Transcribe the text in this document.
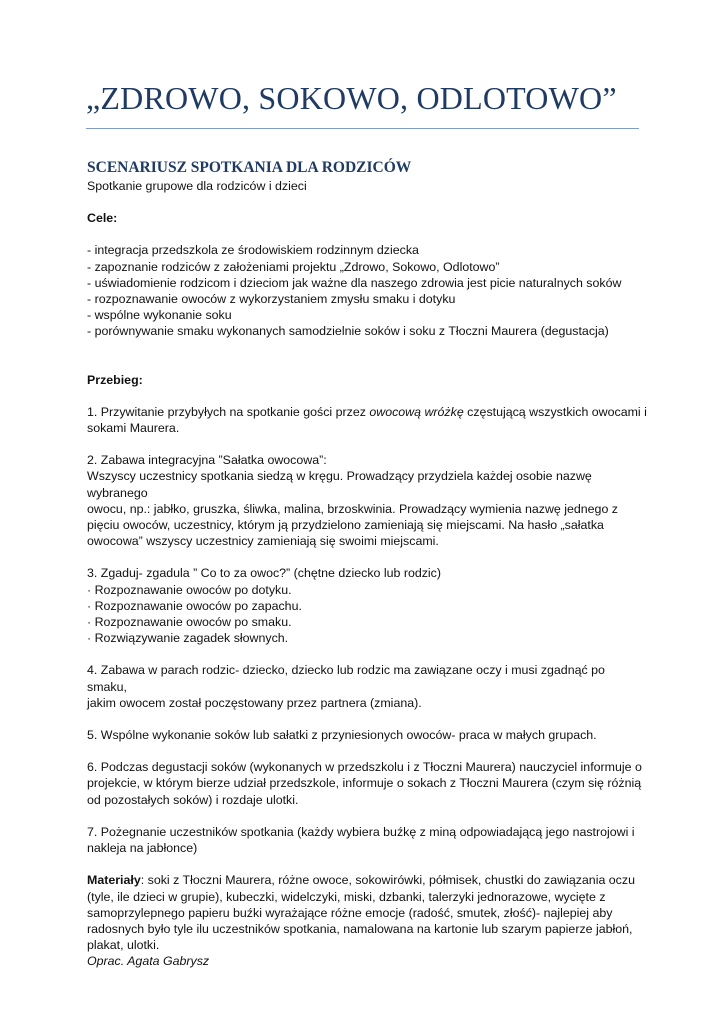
„ZDROWO, SOKOWO, ODLOTOWO”

SCENARIUSZ SPOTKANIA DLA RODZICÓW

Spotkanie grupowe dla rodziców i dzieci

Cele:

- integracja przedszkola ze środowiskiem rodzinnym dziecka
- zapoznanie rodziców z założeniami projektu „Zdrowo, Sokowo, Odlotowo”
- uświadomienie rodzicom i dzieciom jak ważne dla naszego zdrowia jest picie naturalnych soków
- rozpoznawanie owoców z wykorzystaniem zmysłu smaku i dotyku
- wspólne wykonanie soku
- porównywanie smaku wykonanych samodzielnie soków i soku z Tłoczni Maurera (degustacja)

Przebieg:

1. Przywitanie przybyłych na spotkanie gości przez owocową wróżkę częstującą wszystkich owocami i
sokami Maurera.
2. Zabawa integracyjna ”Sałatka owocowa”:
Wszyscy uczestnicy spotkania siedzą w kręgu. Prowadzący przydziela każdej osobie nazwę wybranego
owocu, np.: jabłko, gruszka, śliwka, malina, brzoskwinia. Prowadzący wymienia nazwę jednego z
pięciu owoców, uczestnicy, którym ją przydzielono zamieniają się miejscami. Na hasło „sałatka
owocowa” wszyscy uczestnicy zamieniają się swoimi miejscami.
3. Zgaduj- zgadula ” Co to za owoc?” (chętne dziecko lub rodzic)
· Rozpoznawanie owoców po dotyku.
· Rozpoznawanie owoców po zapachu.
· Rozpoznawanie owoców po smaku.
· Rozwiązywanie zagadek słownych.
4. Zabawa w parach rodzic- dziecko, dziecko lub rodzic ma zawiązane oczy i musi zgadnąć po smaku,
jakim owocem został poczęstowany przez partnera (zmiana).
5. Wspólne wykonanie soków lub sałatki z przyniesionych owoców- praca w małych grupach.
6. Podczas degustacji soków (wykonanych w przedszkolu i z Tłoczni Maurera) nauczyciel informuje o
projekcie, w którym bierze udział przedszkole, informuje o sokach z Tłoczni Maurera (czym się różnią
od pozostałych soków) i rozdaje ulotki.
7. Pożegnanie uczestników spotkania (każdy wybiera buźkę z miną odpowiadającą jego nastrojowi i
nakleja na jabłonce)
Materiały: soki z Tłoczni Maurera, różne owoce, sokowirówki, półmisek, chustki do zawiązania oczu
(tyle, ile dzieci w grupie), kubeczki, widelczyki, miski, dzbanki, talerzyki jednorazowe, wycięte z
samoprzylepnego papieru buźki wyrażające różne emocje (radość, smutek, złość)- najlepiej aby
radosnych było tyle ilu uczestników spotkania, namalowana na kartonie lub szarym papierze jabłoń,
plakat, ulotki.
Oprac. Agata Gabrysz
